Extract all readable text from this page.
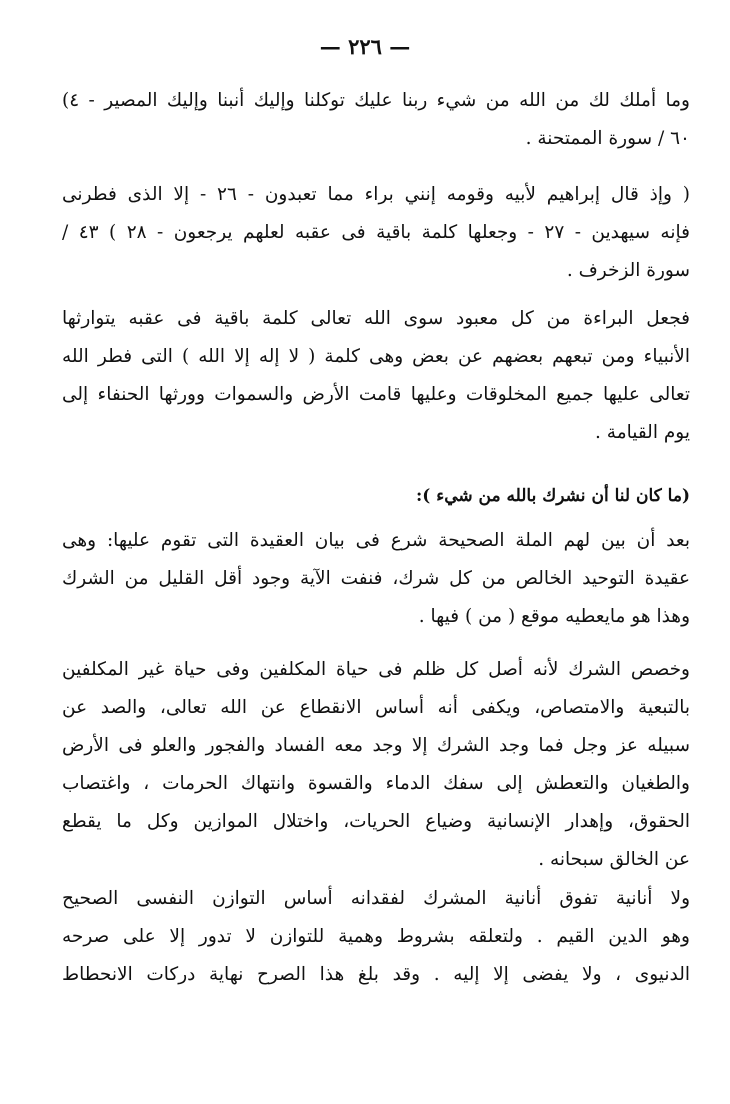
— ٢٢٦ —
وما أملك لك من الله من شيء ربنا عليك توكلنا وإليك أنبنا وإليك المصير - ٤)
٦٠ / سورة الممتحنة .
( وإذ قال إبراهيم لأبيه وقومه إنني براء مما تعبدون - ٢٦ - إلا الذى فطرنى
فإنه سيهدين - ٢٧ - وجعلها كلمة باقية فى عقبه لعلهم يرجعون - ٢٨ ) ٤٣ /
سورة الزخرف .
فجعل البراءة من كل معبود سوى الله تعالى كلمة باقية فى عقبه يتوارثها
الأنبياء ومن تبعهم بعضهم عن بعض وهى كلمة ( لا إله إلا الله ) التى فطر الله
تعالى عليها جميع المخلوقات وعليها قامت الأرض والسموات وورثها الحنفاء إلى
يوم القيامة .
(ما كان لنا أن نشرك بالله من شيء ):
بعد أن بين لهم الملة الصحيحة شرع فى بيان العقيدة التى تقوم عليها: وهى
عقيدة التوحيد الخالص من كل شرك، فنفت الآية وجود أقل القليل من الشرك
وهذا هو مايعطيه موقع ( من ) فيها .
وخصص الشرك لأنه أصل كل ظلم فى حياة المكلفين وفى حياة غير المكلفين
بالتبعية والامتصاص، ويكفى أنه أساس الانقطاع عن الله تعالى، والصد عن
سبيله عز وجل فما وجد الشرك إلا وجد معه الفساد والفجور والعلو فى الأرض
والطغيان والتعطش إلى سفك الدماء والقسوة وانتهاك الحرمات ، واغتصاب
الحقوق، وإهدار الإنسانية وضياع الحريات، واختلال الموازين وكل ما يقطع
عن الخالق سبحانه .
ولا أنانية تفوق أنانية المشرك لفقدانه أساس التوازن النفسى الصحيح
وهو الدين القيم . ولتعلقه بشروط وهمية للتوازن لا تدور إلا على صرحه
الدنيوى ، ولا يفضى إلا إليه . وقد بلغ هذا الصرح نهاية دركات الانحطاط
